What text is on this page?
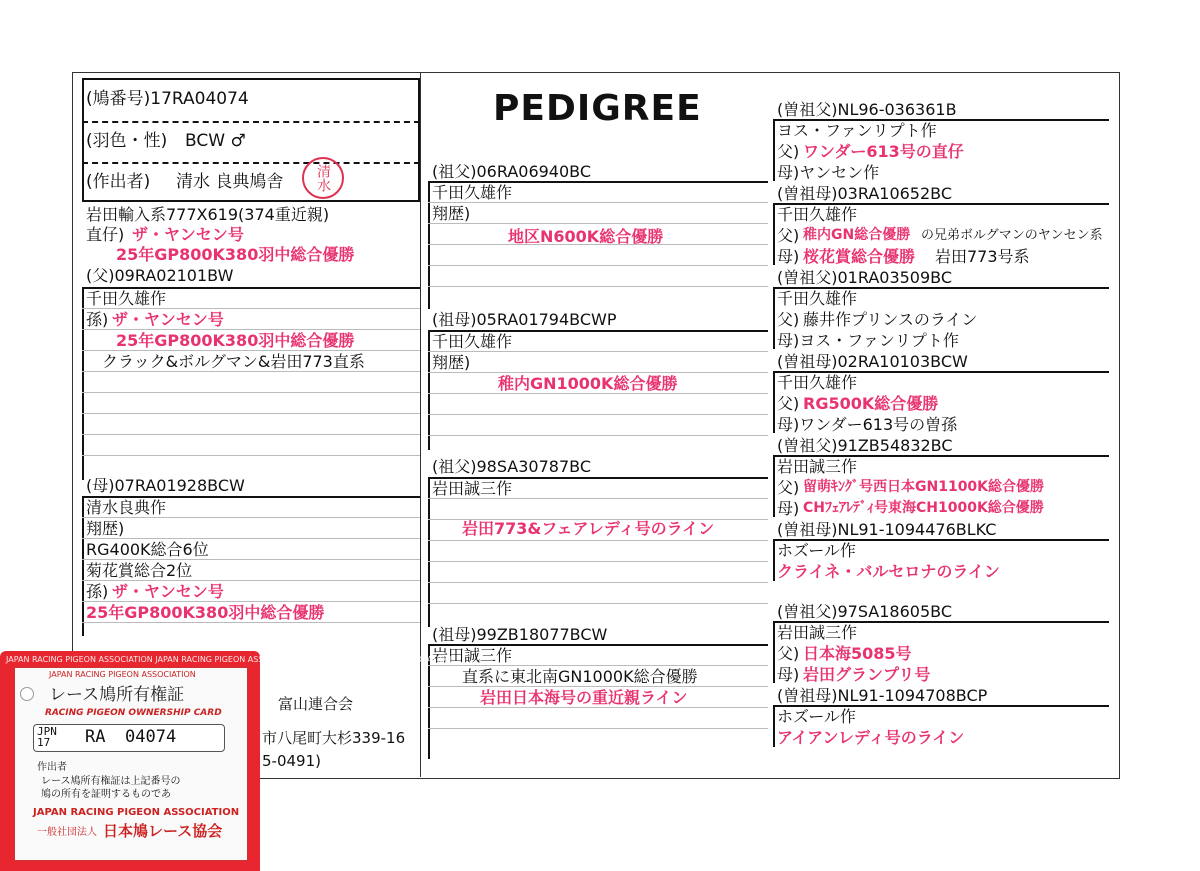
(鳩番号)17RA04074
(羽色・性) BCW ♂
(作出者) 清水 良典鳩舎 清水
PEDIGREE
岩田輸入系777X619(374重近親)
直仔) ザ・ヤンセン号
25年GP800K380羽中総合優勝
(父)09RA02101BW
千田久雄作
孫) ザ・ヤンセン号
25年GP800K380羽中総合優勝
クラック&ボルグマン&岩田773直系
(母)07RA01928BCW
清水良典作
翔歴)
RG400K総合6位
菊花賞総合2位
孫) ザ・ヤンセン号
25年GP800K380羽中総合優勝
(祖父)06RA06940BC
千田久雄作
翔歴)
地区N600K総合優勝
(祖母)05RA01794BCWP
千田久雄作
翔歴)
稚内GN1000K総合優勝
(祖父)98SA30787BC
岩田誠三作
岩田773&フェアレディ号のライン
(祖母)99ZB18077BCW
岩田誠三作
直系に東北南GN1000K総合優勝
岩田日本海号の重近親ライン
(曽祖父)NL96-036361B
ヨス・ファンリプト作
父) ワンダー613号の直仔
母)ヤンセン作
(曽祖母)03RA10652BC
千田久雄作
父) 稚内GN総合優勝 の兄弟ボルグマンのヤンセン系
母) 桜花賞総合優勝 岩田773号系
(曽祖父)01RA03509BC
千田久雄作
父) 藤井作プリンスのライン
母)ヨス・ファンリプト作
(曽祖母)02RA10103BCW
千田久雄作
父) RG500K総合優勝
母)ワンダー613号の曽孫
(曽祖父)91ZB54832BC
岩田誠三作
父) 留萌ｷﾝｸﾞ号西日本GN1100K総合優勝
母) CHﾌｪｱﾚﾃﾞｨ号東海CH1000K総合優勝
(曽祖母)NL91-1094476BLKC
ホズール作
クライネ・バルセロナのライン
(曽祖父)97SA18605BC
岩田誠三作
父) 日本海5085号
母) 岩田グランプリ号
(曽祖母)NL91-1094708BCP
ホズール作
アイアンレディ号のライン
富山連合会
市八尾町大杉339-16
5-0491)
JAPAN RACING PIGEON ASSOCIATION JAPAN RACING PIGEON ASSOCIATION JAPAN RACING PIGEON ASSOCIATION
JAPAN RACING PIGEON ASSOCIATION
レース鳩所有権証
RACING PIGEON OWNERSHIP CARD
JPN
17 RA 04074
作出者
レース鳩所有権証は上記番号の
鳩の所有を証明するものであ
JAPAN RACING PIGEON ASSOCIATION
一般社団法人 日本鳩レース協会
